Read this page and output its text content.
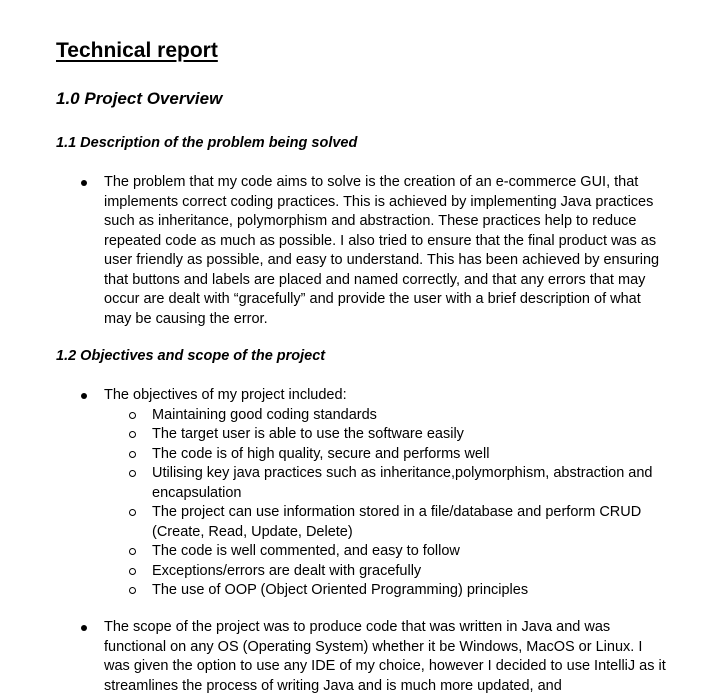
Technical report
1.0 Project Overview
1.1 Description of the problem being solved
The problem that my code aims to solve is the creation of an e-commerce GUI, that implements correct coding practices. This is achieved by implementing Java practices such as inheritance, polymorphism and abstraction. These practices help to reduce repeated code as much as possible. I also tried to ensure that the final product was as user friendly as possible, and easy to understand. This has been achieved by ensuring that buttons and labels are placed and named correctly, and that any errors that may occur are dealt with “gracefully” and provide the user with a brief description of what may be causing the error.
1.2 Objectives and scope of the project
The objectives of my project included:
Maintaining good coding standards
The target user is able to use the software easily
The code is of high quality, secure and performs well
Utilising key java practices such as inheritance,polymorphism, abstraction and encapsulation
The project can use information stored in a file/database and perform CRUD (Create, Read, Update, Delete)
The code is well commented, and easy to follow
Exceptions/errors are dealt with gracefully
The use of OOP (Object Oriented Programming) principles
The scope of the project was to produce code that was written in Java and was functional on any OS (Operating System) whether it be Windows, MacOS or Linux. I was given the option to use any IDE of my choice, however I decided to use IntelliJ as it streamlines the process of writing Java and is much more updated, and
